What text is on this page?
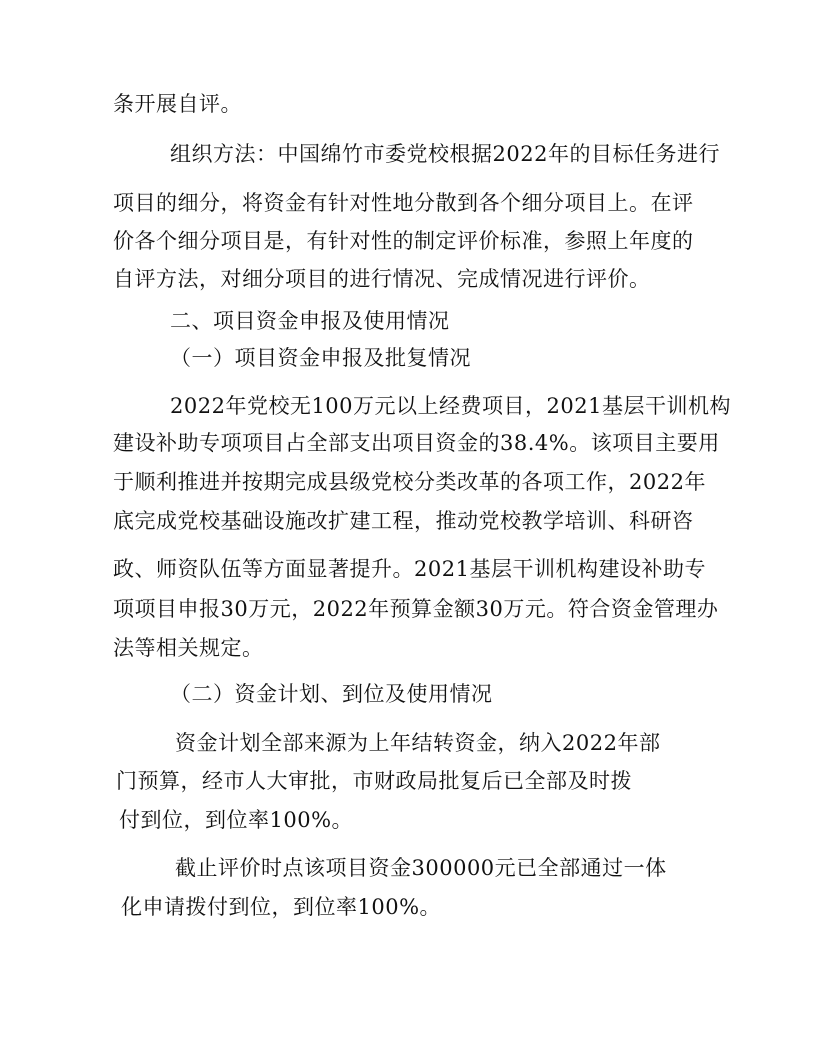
条开展自评。

组织方法：中国绵竹市委党校根据2022年的目标任务进行

项目的细分，将资金有针对性地分散到各个细分项目上。在评

价各个细分项目是，有针对性的制定评价标准，参照上年度的

自评方法，对细分项目的进行情况、完成情况进行评价。

二、项目资金申报及使用情况

（一）项目资金申报及批复情况

2022年党校无100万元以上经费项目，2021基层干训机构

建设补助专项项目占全部支出项目资金的38.4%。该项目主要用

于顺利推进并按期完成县级党校分类改革的各项工作，2022年

底完成党校基础设施改扩建工程，推动党校教学培训、科研咨

政、师资队伍等方面显著提升。2021基层干训机构建设补助专

项项目申报30万元，2022年预算金额30万元。符合资金管理办

法等相关规定。

（二）资金计划、到位及使用情况

资金计划全部来源为上年结转资金，纳入2022年部

门预算，经市人大审批，市财政局批复后已全部及时拨

付到位，到位率100%。

截止评价时点该项目资金300000元已全部通过一体

化申请拨付到位，到位率100%。
